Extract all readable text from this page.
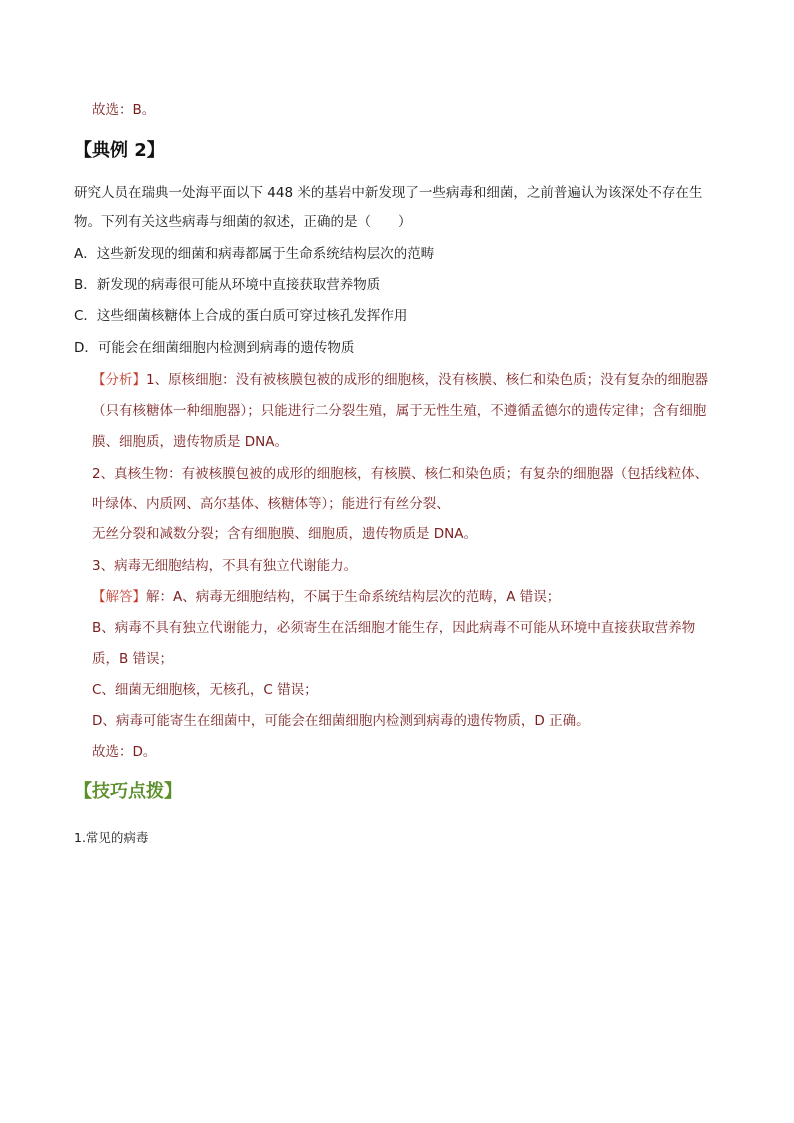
故选：B。
【典例 2】
研究人员在瑞典一处海平面以下 448 米的基岩中新发现了一些病毒和细菌，之前普遍认为该深处不存在生
物。下列有关这些病毒与细菌的叙述，正确的是（　　）
A．这些新发现的细菌和病毒都属于生命系统结构层次的范畴
B．新发现的病毒很可能从环境中直接获取营养物质
C．这些细菌核糖体上合成的蛋白质可穿过核孔发挥作用
D．可能会在细菌细胞内检测到病毒的遗传物质
【分析】1、原核细胞：没有被核膜包被的成形的细胞核，没有核膜、核仁和染色质；没有复杂的细胞器
（只有核糖体一种细胞器）；只能进行二分裂生殖，属于无性生殖，不遵循孟德尔的遗传定律；含有细胞
膜、细胞质，遗传物质是 DNA。
2、真核生物：有被核膜包被的成形的细胞核，有核膜、核仁和染色质；有复杂的细胞器（包括线粒体、
叶绿体、内质网、高尔基体、核糖体等）；能进行有丝分裂、
无丝分裂和减数分裂；含有细胞膜、细胞质，遗传物质是 DNA。
3、病毒无细胞结构，不具有独立代谢能力。
【解答】解：A、病毒无细胞结构，不属于生命系统结构层次的范畴，A 错误；
B、病毒不具有独立代谢能力，必须寄生在活细胞才能生存，因此病毒不可能从环境中直接获取营养物
质，B 错误；
C、细菌无细胞核，无核孔，C 错误；
D、病毒可能寄生在细菌中，可能会在细菌细胞内检测到病毒的遗传物质，D 正确。
故选：D。
【技巧点拨】
1.常见的病毒
